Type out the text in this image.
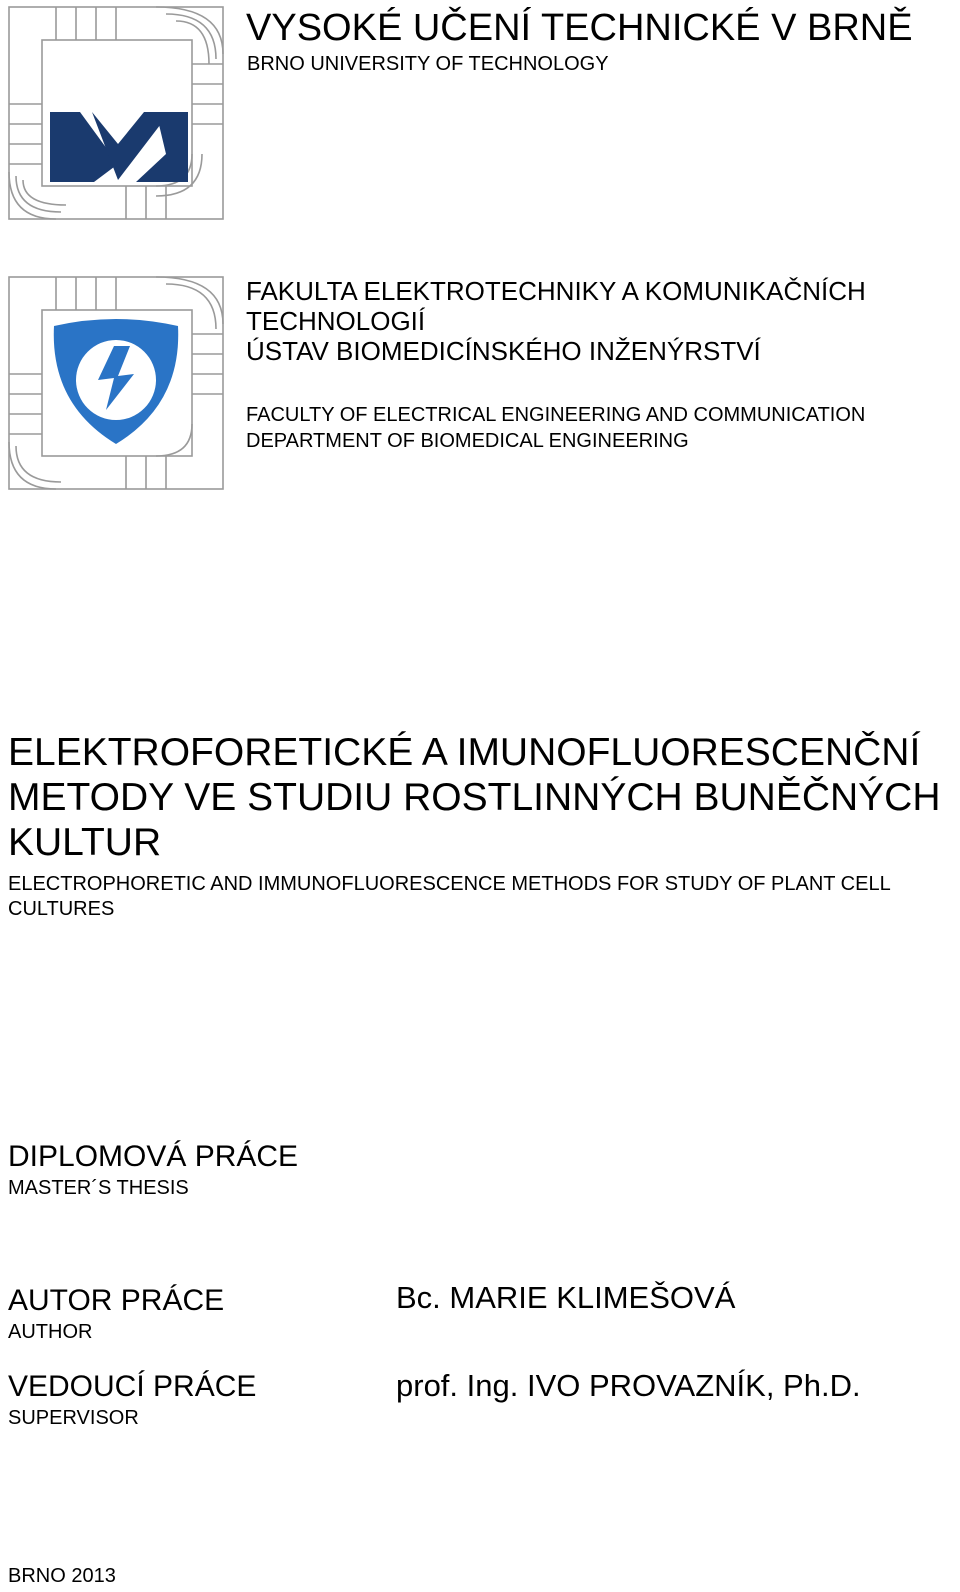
VYSOKÉ UČENÍ TECHNICKÉ V BRNĚ
BRNO UNIVERSITY OF TECHNOLOGY
FAKULTA ELEKTROTECHNIKY A KOMUNIKAČNÍCH
TECHNOLOGIÍ
ÚSTAV BIOMEDICÍNSKÉHO INŽENÝRSTVÍ
FACULTY OF ELECTRICAL ENGINEERING AND COMMUNICATION
DEPARTMENT OF BIOMEDICAL ENGINEERING
ELEKTROFORETICKÉ A IMUNOFLUORESCENČNÍ METODY VE STUDIU ROSTLINNÝCH BUNĚČNÝCH KULTUR
ELECTROPHORETIC AND IMMUNOFLUORESCENCE METHODS FOR STUDY OF PLANT CELL CULTURES
DIPLOMOVÁ PRÁCE
MASTER´S THESIS
AUTOR PRÁCE
AUTHOR
Bc. MARIE KLIMEŠOVÁ
VEDOUCÍ PRÁCE
SUPERVISOR
prof. Ing. IVO PROVAZNÍK, Ph.D.
BRNO 2013
